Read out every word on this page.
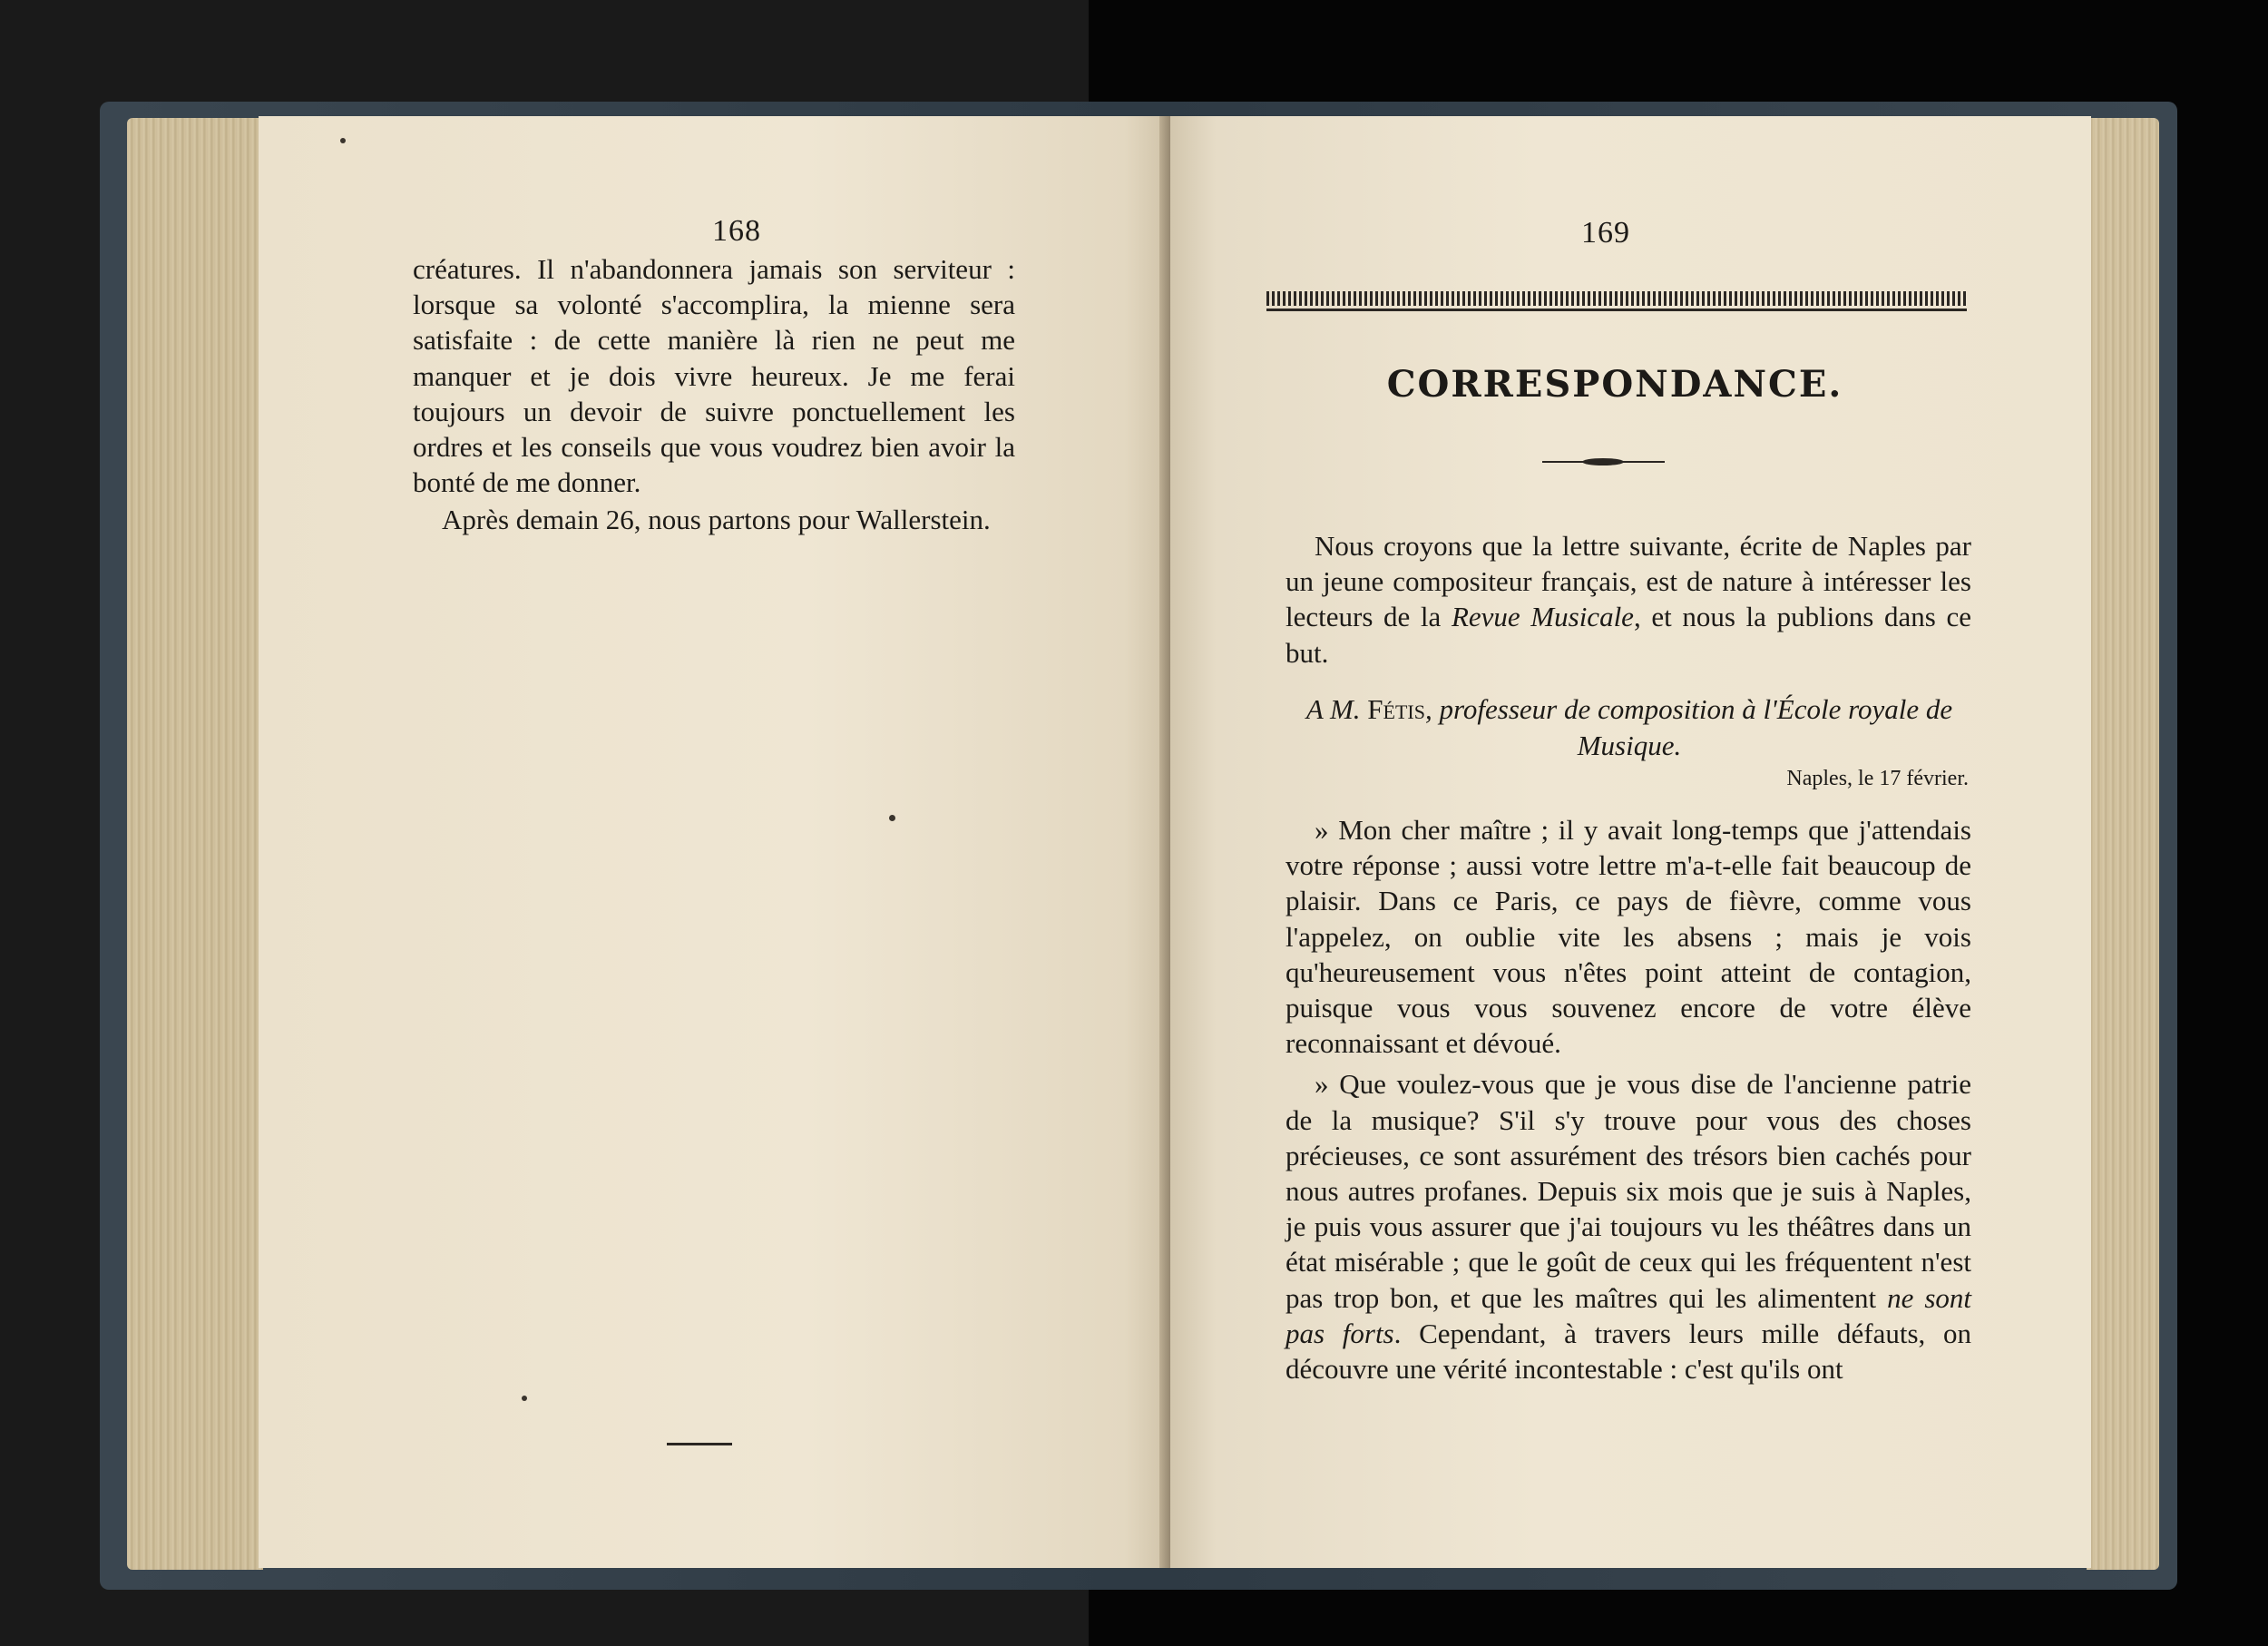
168

créatures. Il n'abandonnera jamais son serviteur : lorsque sa volonté s'accomplira, la mienne sera satisfaite : de cette manière là rien ne peut me manquer et je dois vivre heureux. Je me ferai toujours un devoir de suivre ponctuellement les ordres et les conseils que vous voudrez bien avoir la bonté de me donner.

Après demain 26, nous partons pour Wallerstein.

169
CORRESPONDANCE.

Nous croyons que la lettre suivante, écrite de Naples par un jeune compositeur français, est de nature à intéresser les lecteurs de la Revue Musicale, et nous la publions dans ce but.

A M. Fétis, professeur de composition à l'École royale de Musique.
Naples, le 17 février.

» Mon cher maître ; il y avait long-temps que j'attendais votre réponse ; aussi votre lettre m'a-t-elle fait beaucoup de plaisir. Dans ce Paris, ce pays de fièvre, comme vous l'appelez, on oublie vite les absens ; mais je vois qu'heureusement vous n'êtes point atteint de contagion, puisque vous vous souvenez encore de votre élève reconnaissant et dévoué.

» Que voulez-vous que je vous dise de l'ancienne patrie de la musique? S'il s'y trouve pour vous des choses précieuses, ce sont assurément des trésors bien cachés pour nous autres profanes. Depuis six mois que je suis à Naples, je puis vous assurer que j'ai toujours vu les théâtres dans un état misérable ; que le goût de ceux qui les fréquentent n'est pas trop bon, et que les maîtres qui les alimentent ne sont pas forts. Cependant, à travers leurs mille défauts, on découvre une vérité incontestable : c'est qu'ils ont
